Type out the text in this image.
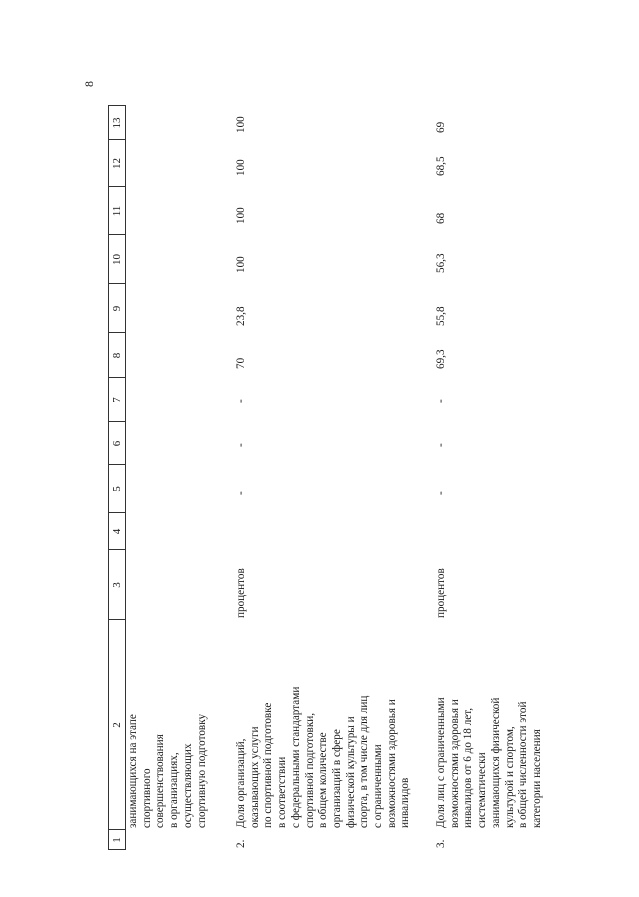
8
1
2
3
4
5
6
7
8
9
10
11
12
13
занимающихся на этапе спортивного совершенствования в организациях, осуществляющих спортивную подготовку
2.
Доля организаций, оказывающих услуги по спортивной подготовке в соответствии с федеральными стандартами спортивной подготовки, в общем количестве организаций в сфере физической культуры и спорта, в том числе для лиц с ограниченными возможностями здоровья и инвалидов
процентов
-
-
-
70
23,8
100
100
100
100
3.
Доля лиц с ограниченными возможностями здоровья и инвалидов от 6 до 18 лет, систематически занимающихся физической культурой и спортом, в общей численности этой категории населения
процентов
-
-
-
69,3
55,8
56,3
68
68,5
69
